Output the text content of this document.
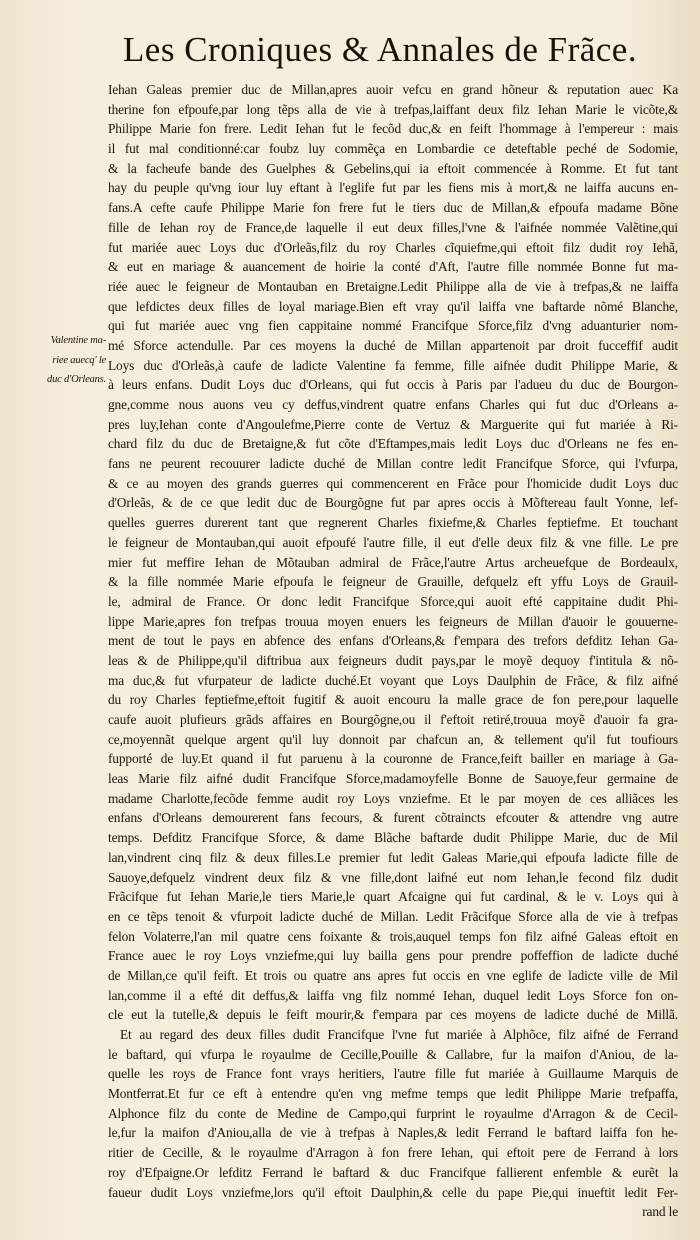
Les Croniques & Annales de Frãce.
Valentine ma-
riee auecq' le
duc d'Orleans.
Iehan Galeas premier duc de Millan,apres auoir vefcu en grand hõneur & reputation auec Ka
therine fon efpoufe,par long tẽps alla de vie à trefpas,laiffant deux filz Iehan Marie le vicõte,&
Philippe Marie fon frere. Ledit Iehan fut le fecõd duc,& en feift l'hommage à l'empereur : mais
il fut mal conditionné:car foubz luy commẽça en Lombardie ce deteftable peché de Sodomie,
& la facheufe bande des Guelphes & Gebelins,qui ia eftoit commencée à Romme. Et fut tant
hay du peuple qu'vng iour luy eftant à l'eglife fut par les fiens mis à mort,& ne laiffa aucuns en-
fans.A cefte caufe Philippe Marie fon frere fut le tiers duc de Millan,& efpoufa madame Bõne
fille de Iehan roy de France,de laquelle il eut deux filles,l'vne & l'aifnée nommée Valẽtine,qui
fut mariée auec Loys duc d'Orleãs,filz du roy Charles cĩquiefme,qui eftoit filz dudit roy Iehã,
& eut en mariage & auancement de hoirie la conté d'Aft, l'autre fille nommée Bonne fut ma-
riée auec le feigneur de Montauban en Bretaigne.Ledit Philippe alla de vie à trefpas,& ne laiffa
que lefdictes deux filles de loyal mariage.Bien eft vray qu'il laiffa vne baftarde nõmé Blanche,
qui fut mariée auec vng fien cappitaine nommé Francifque Sforce,filz d'vng aduanturier nom-
mé Sforce actendulle. Par ces moyens la duché de Millan appartenoit par droit fucceffif audit
Loys duc d'Orleãs,à caufe de ladicte Valentine fa femme, fille aifnée dudit Philippe Marie, &
à leurs enfans. Dudit Loys duc d'Orleans, qui fut occis à Paris par l'adueu du duc de Bourgon-
gne,comme nous auons veu cy deffus,vindrent quatre enfans Charles qui fut duc d'Orleans a-
pres luy,Iehan conte d'Angoulefme,Pierre conte de Vertuz & Marguerite qui fut mariée à Ri-
chard filz du duc de Bretaigne,& fut cõte d'Eftampes,mais ledit Loys duc d'Orleans ne fes en-
fans ne peurent recouurer ladicte duché de Millan contre ledit Francifque Sforce, qui l'vfurpa,
& ce au moyen des grands guerres qui commencerent en Frãce pour l'homicide dudit Loys duc
d'Orleãs, & de ce que ledit duc de Bourgõgne fut par apres occis à Mõftereau fault Yonne, lef-
quelles guerres durerent tant que regnerent Charles fixiefme,& Charles feptiefme. Et touchant
le feigneur de Montauban,qui auoit efpoufé l'autre fille, il eut d'elle deux filz & vne fille. Le pre
mier fut meffire Iehan de Mõtauban admiral de Frãce,l'autre Artus archeuefque de Bordeaulx,
& la fille nommée Marie efpoufa le feigneur de Grauille, defquelz eft yffu Loys de Grauil-
le, admiral de France. Or donc ledit Francifque Sforce,qui auoit efté cappitaine dudit Phi-
lippe Marie,apres fon trefpas trouua moyen enuers les feigneurs de Millan d'auoir le gouuerne-
ment de tout le pays en abfence des enfans d'Orleans,& f'empara des trefors defditz Iehan Ga-
leas & de Philippe,qu'il diftribua aux feigneurs dudit pays,par le moyẽ dequoy f'intitula & nõ-
ma duc,& fut vfurpateur de ladicte duché.Et voyant que Loys Daulphin de Frãce, & filz aifné
du roy Charles feptiefme,eftoit fugitif & auoit encouru la malle grace de fon pere,pour laquelle
caufe auoit plufieurs grãds affaires en Bourgõgne,ou il f'eftoit retiré,trouua moyẽ d'auoir fa gra-
ce,moyennãt quelque argent qu'il luy donnoit par chafcun an, & tellement qu'il fut toufiours
fupporté de luy.Et quand il fut paruenu à la couronne de France,feift bailler en mariage à Ga-
leas Marie filz aifné dudit Francifque Sforce,madamoyfelle Bonne de Sauoye,feur germaine de
madame Charlotte,fecõde femme audit roy Loys vnziefme. Et le par moyen de ces alliãces les
enfans d'Orleans demourerent fans fecours, & furent cõtraincts efcouter & attendre vng autre
temps. Defditz Francifque Sforce, & dame Blãche baftarde dudit Philippe Marie, duc de Mil
lan,vindrent cinq filz & deux filles.Le premier fut ledit Galeas Marie,qui efpoufa ladicte fille de
Sauoye,defquelz vindrent deux filz & vne fille,dont laifné eut nom Iehan,le fecond filz dudit
Frãcifque fut Iehan Marie,le tiers Marie,le quart Afcaigne qui fut cardinal, & le v. Loys qui à
en ce tẽps tenoit & vfurpoit ladicte duché de Millan. Ledit Frãcifque Sforce alla de vie à trefpas
felon Volaterre,l'an mil quatre cens foixante & trois,auquel temps fon filz aifné Galeas eftoit en
France auec le roy Loys vnziefme,qui luy bailla gens pour prendre poffeffion de ladicte duché
de Millan,ce qu'il feift. Et trois ou quatre ans apres fut occis en vne eglife de ladicte ville de Mil
lan,comme il a efté dit deffus,& laiffa vng filz nommé Iehan, duquel ledit Loys Sforce fon on-
cle eut la tutelle,& depuis le feift mourir,& f'empara par ces moyens de ladicte duché de Millã.
Et au regard des deux filles dudit Francifque l'vne fut mariée à Alphõce, filz aifné de Ferrand
le baftard, qui vfurpa le royaulme de Cecille,Pouille & Callabre, fur la maifon d'Aniou, de la-
quelle les roys de France font vrays heritiers, l'autre fille fut mariée à Guillaume Marquis de
Montferrat.Et fur ce eft à entendre qu'en vng mefme temps que ledit Philippe Marie trefpaffa,
Alphonce filz du conte de Medine de Campo,qui furprint le royaulme d'Arragon & de Cecil-
le,fur la maifon d'Aniou,alla de vie à trefpas à Naples,& ledit Ferrand le baftard laiffa fon he-
ritier de Cecille, & le royaulme d'Arragon à fon frere Iehan, qui eftoit pere de Ferrand à lors
roy d'Efpaigne.Or lefditz Ferrand le baftard & duc Francifque fallierent enfemble & eurẽt la
faueur dudit Loys vnziefme,lors qu'il eftoit Daulphin,& celle du pape Pie,qui inueftit ledit Fer-
rand le
